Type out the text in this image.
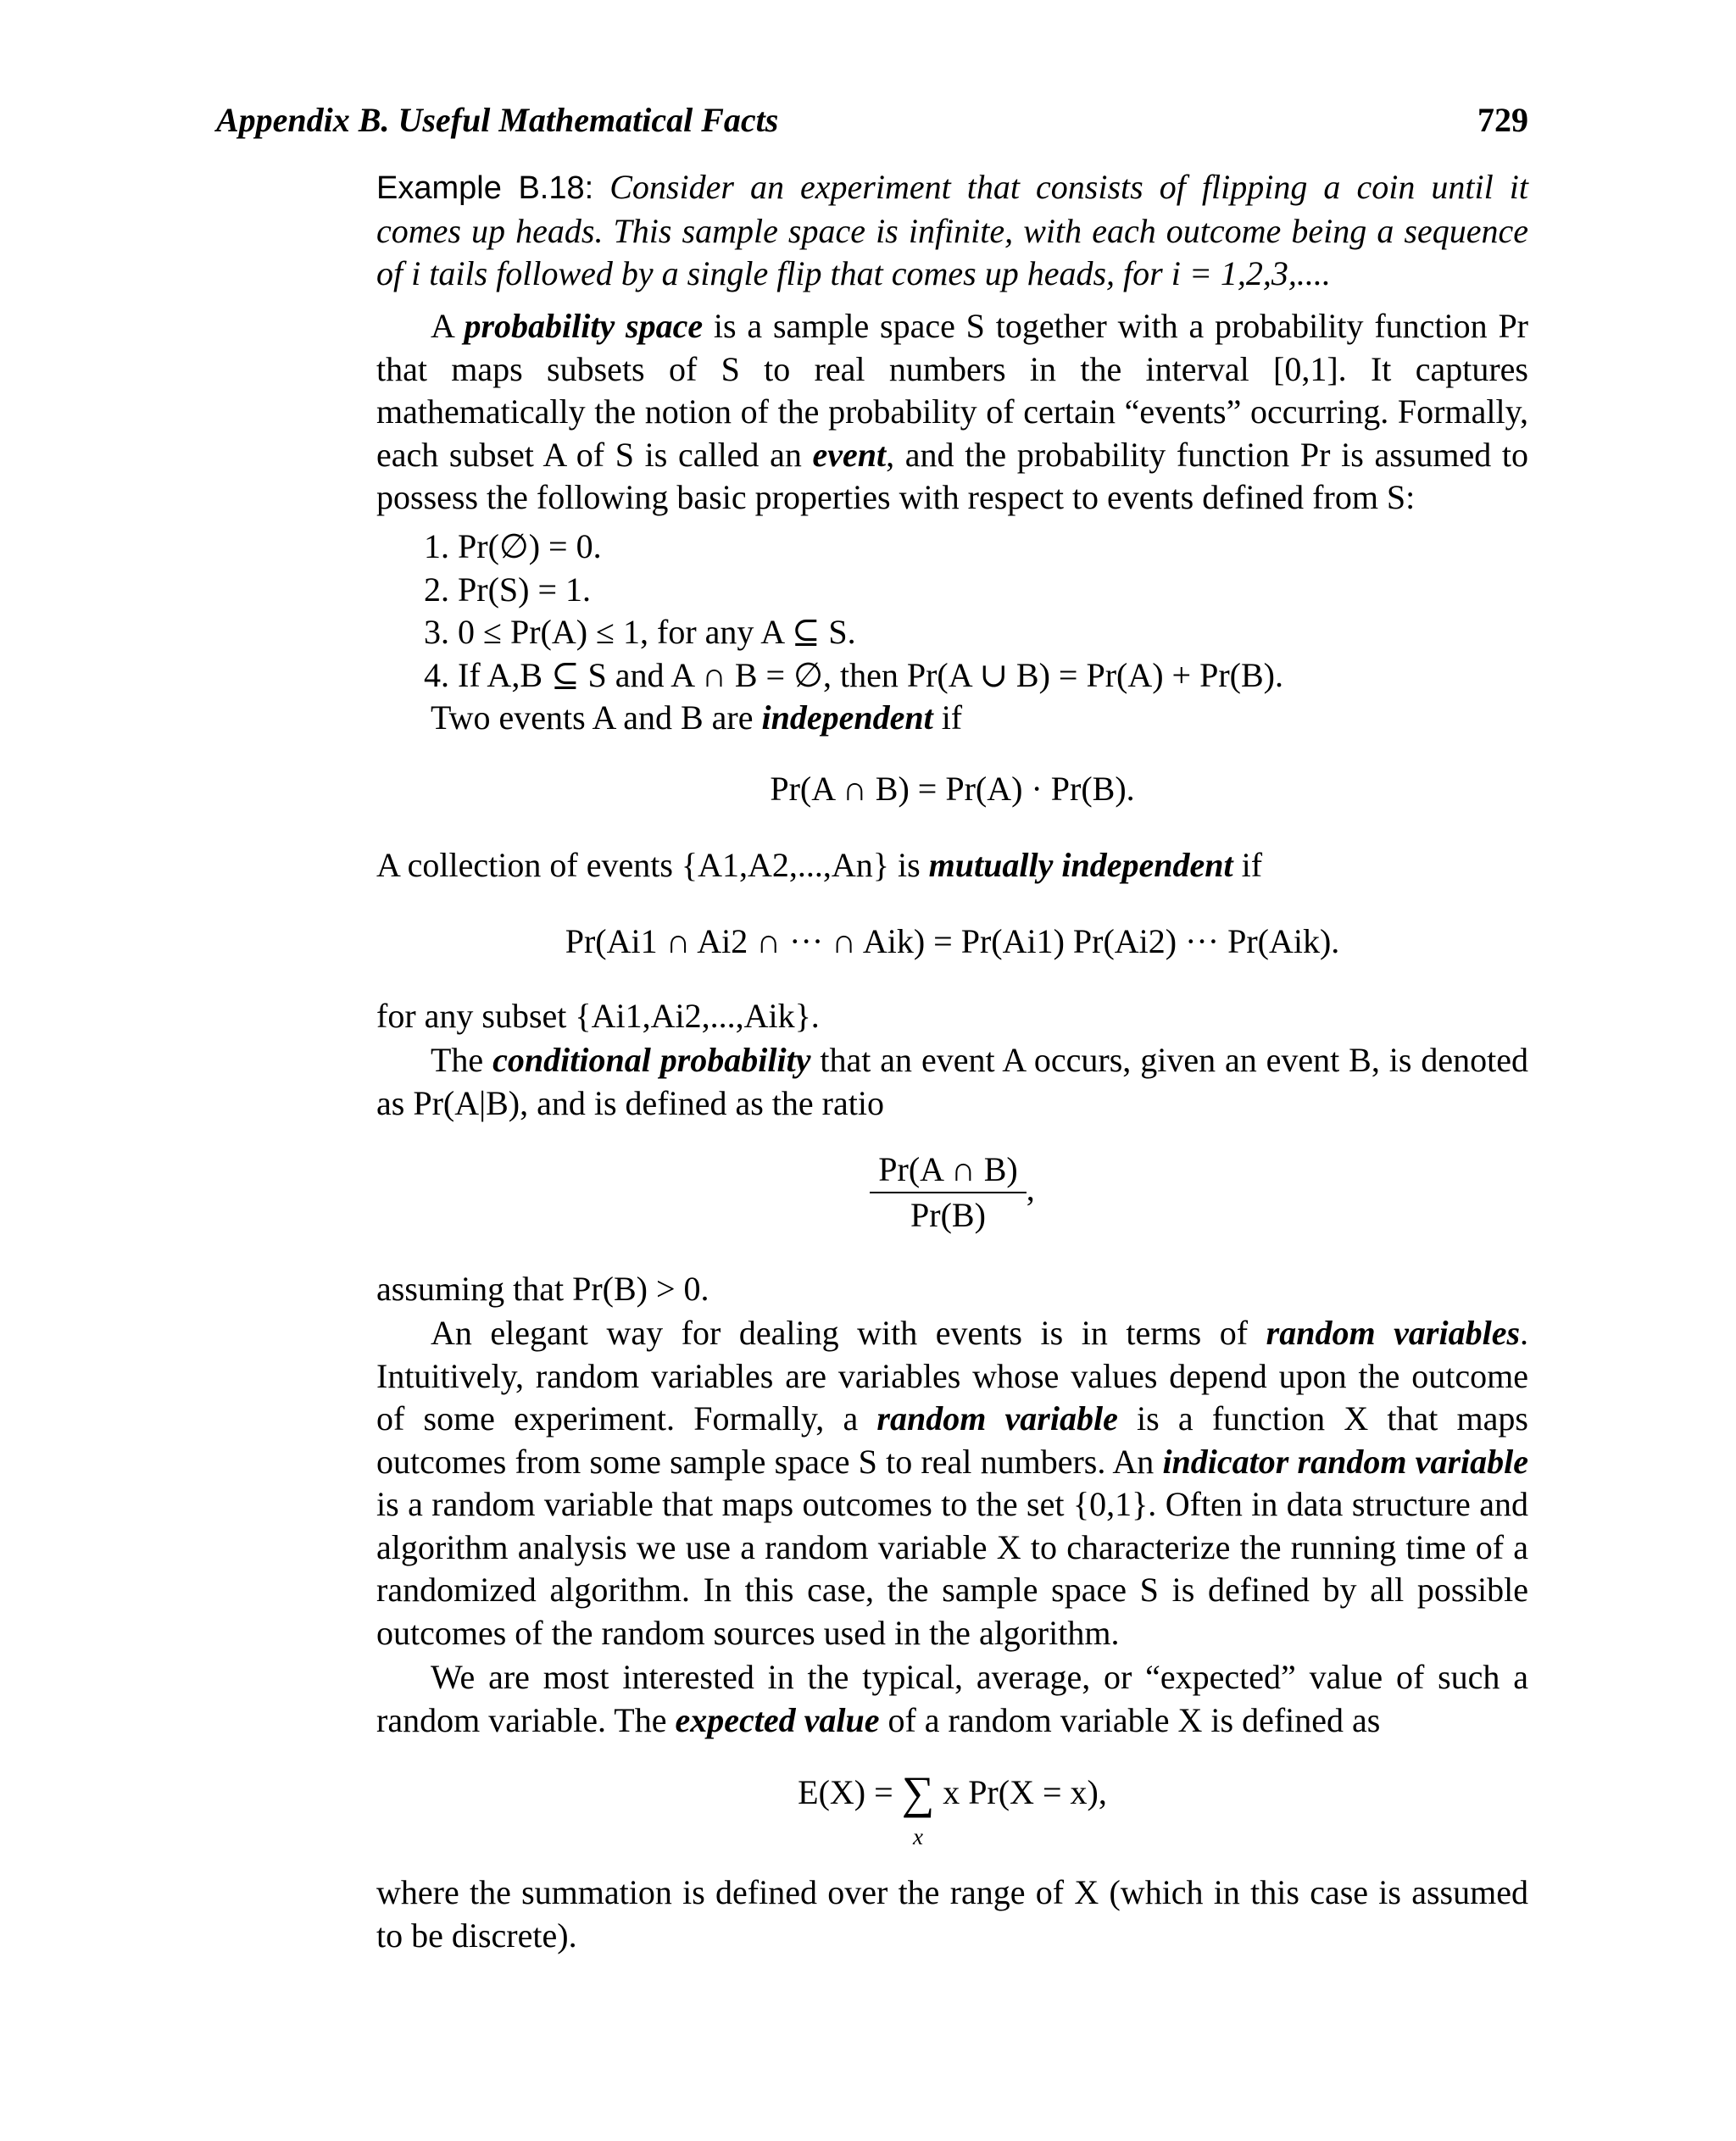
Appendix B. Useful Mathematical Facts	729
Example B.18: Consider an experiment that consists of flipping a coin until it comes up heads. This sample space is infinite, with each outcome being a sequence of i tails followed by a single flip that comes up heads, for i = 1,2,3,....
A probability space is a sample space S together with a probability function Pr that maps subsets of S to real numbers in the interval [0,1]. It captures mathematically the notion of the probability of certain “events” occurring. Formally, each subset A of S is called an event, and the probability function Pr is assumed to possess the following basic properties with respect to events defined from S:
1. Pr(∅) = 0.
2. Pr(S) = 1.
3. 0 ≤ Pr(A) ≤ 1, for any A ⊆ S.
4. If A,B ⊆ S and A ∩ B = ∅, then Pr(A ∪ B) = Pr(A) + Pr(B).
Two events A and B are independent if
Pr(A ∩ B) = Pr(A) · Pr(B).
A collection of events {A1,A2,...,An} is mutually independent if
Pr(Ai1 ∩ Ai2 ∩ ··· ∩ Aik) = Pr(Ai1) Pr(Ai2) ··· Pr(Aik).
for any subset {Ai1,Ai2,...,Aik}.
The conditional probability that an event A occurs, given an event B, is denoted as Pr(A|B), and is defined as the ratio
$\frac{Pr(A \cap B)}{Pr(B)}$ ,
assuming that Pr(B) > 0.
An elegant way for dealing with events is in terms of random variables. Intuitively, random variables are variables whose values depend upon the outcome of some experiment. Formally, a random variable is a function X that maps outcomes from some sample space S to real numbers. An indicator random variable is a random variable that maps outcomes to the set {0,1}. Often in data structure and algorithm analysis we use a random variable X to characterize the running time of a randomized algorithm. In this case, the sample space S is defined by all possible outcomes of the random sources used in the algorithm.
We are most interested in the typical, average, or “expected” value of such a random variable. The expected value of a random variable X is defined as
E(X) = ∑
x
x Pr(X = x),
where the summation is defined over the range of X (which in this case is assumed to be discrete).
